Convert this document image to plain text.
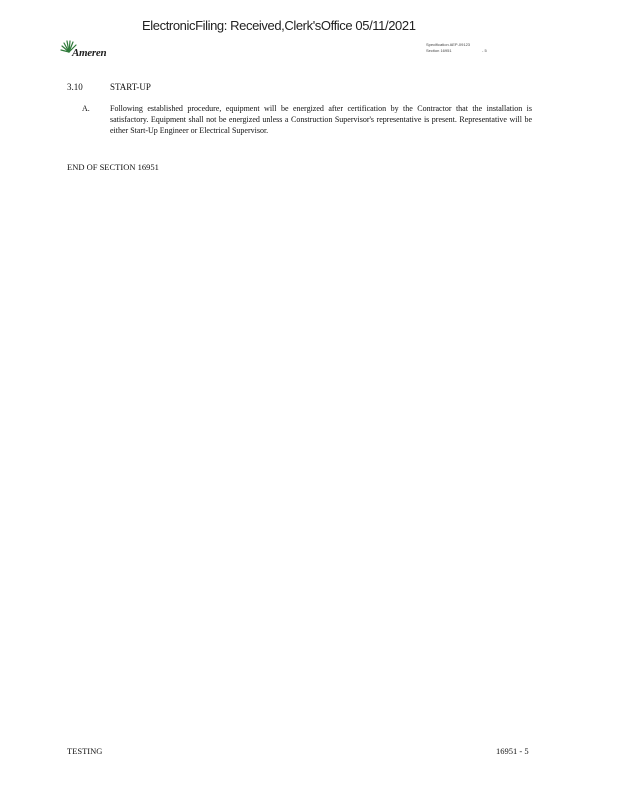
ElectronicFiling: Received,Clerk'sOffice 05/11/2021
Ameren
Specification AEP-09123
Section 16951	- 5
3.10	START-UP
A.	Following established procedure, equipment will be energized after certification by the Contractor that the installation is satisfactory. Equipment shall not be energized unless a Construction Supervisor's representative is present. Representative will be either Start-Up Engineer or Electrical Supervisor.
END OF SECTION 16951
TESTING	16951 - 5
